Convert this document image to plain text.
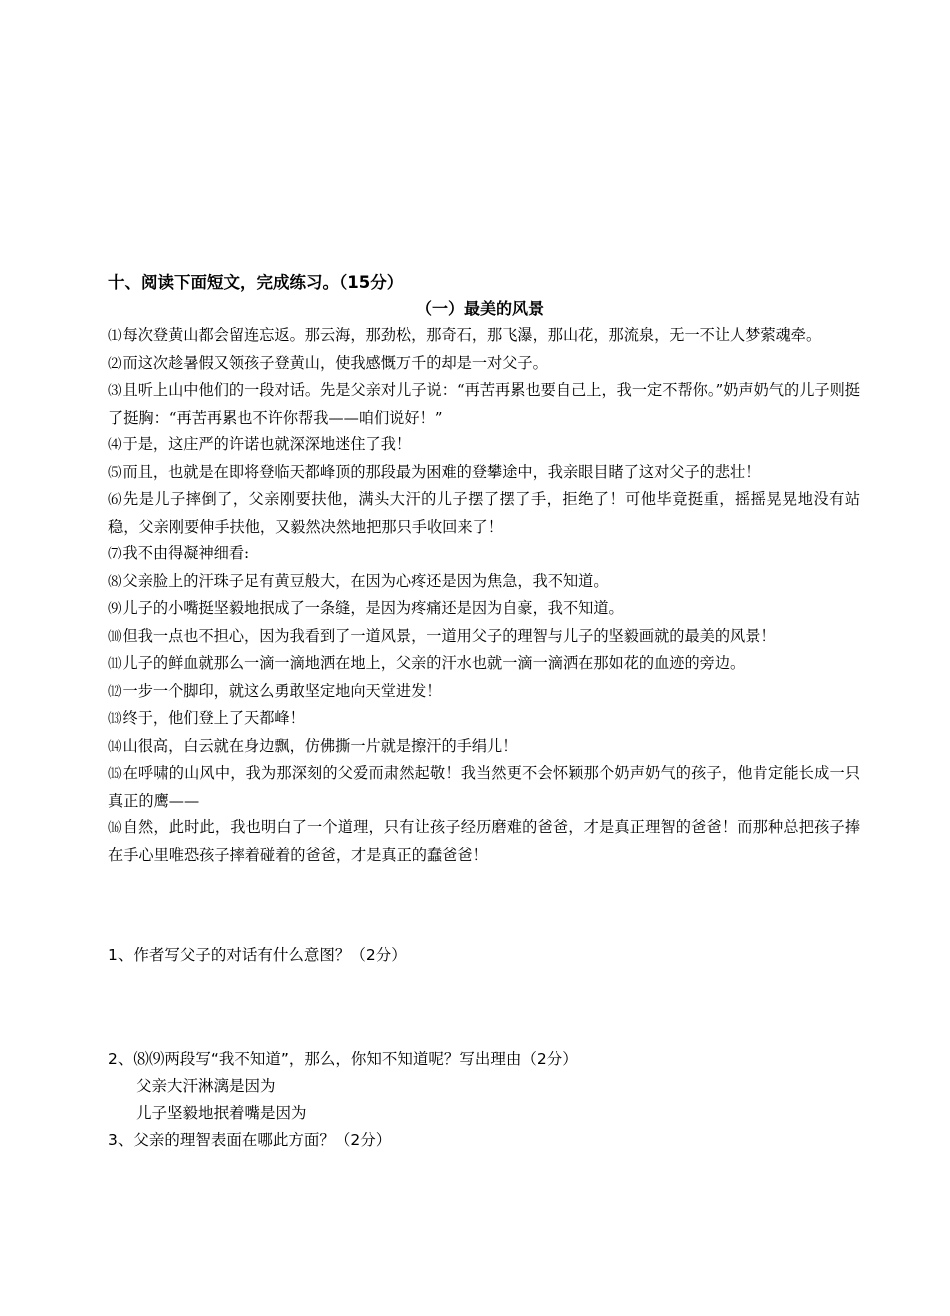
十、阅读下面短文，完成练习。（15分）
（一）最美的风景

⑴每次登黄山都会留连忘返。那云海，那劲松，那奇石，那飞瀑，那山花，那流泉，无一不让人梦萦魂牵。

⑵而这次趁暑假又领孩子登黄山，使我感慨万千的却是一对父子。

⑶且听上山中他们的一段对话。先是父亲对儿子说：“再苦再累也要自己上，我一定不帮你。”奶声奶气的儿子则挺了挺胸：“再苦再累也不许你帮我——咱们说好！”

⑷于是，这庄严的许诺也就深深地迷住了我！

⑸而且，也就是在即将登临天都峰顶的那段最为困难的登攀途中，我亲眼目睹了这对父子的悲壮！

⑹先是儿子摔倒了，父亲刚要扶他，满头大汗的儿子摆了摆了手，拒绝了！可他毕竟挺重，摇摇晃晃地没有站稳，父亲刚要伸手扶他，又毅然决然地把那只手收回来了！

⑺我不由得凝神细看:

⑻父亲脸上的汗珠子足有黄豆般大，在因为心疼还是因为焦急，我不知道。

⑼儿子的小嘴挺坚毅地抿成了一条缝，是因为疼痛还是因为自豪，我不知道。

⑽但我一点也不担心，因为我看到了一道风景，一道用父子的理智与儿子的坚毅画就的最美的风景！

⑾儿子的鲜血就那么一滴一滴地洒在地上，父亲的汗水也就一滴一滴洒在那如花的血迹的旁边。

⑿一步一个脚印，就这么勇敢坚定地向天堂进发！

⒀终于，他们登上了天都峰！

⒁山很高，白云就在身边飘，仿佛撕一片就是擦汗的手绢儿！

⒂在呼啸的山风中，我为那深刻的父爱而肃然起敬！我当然更不会怀颖那个奶声奶气的孩子，他肯定能长成一只真正的鹰——

⒃自然，此时此，我也明白了一个道理，只有让孩子经历磨难的爸爸，才是真正理智的爸爸！而那种总把孩子捧在手心里唯恐孩子摔着碰着的爸爸，才是真正的蠢爸爸！

1、作者写父子的对话有什么意图？（2分）
2、⑻⑼两段写“我不知道”，那么，你知不知道呢？写出理由（2分）
父亲大汗淋漓是因为
儿子坚毅地抿着嘴是因为
3、父亲的理智表面在哪此方面？（2分）
